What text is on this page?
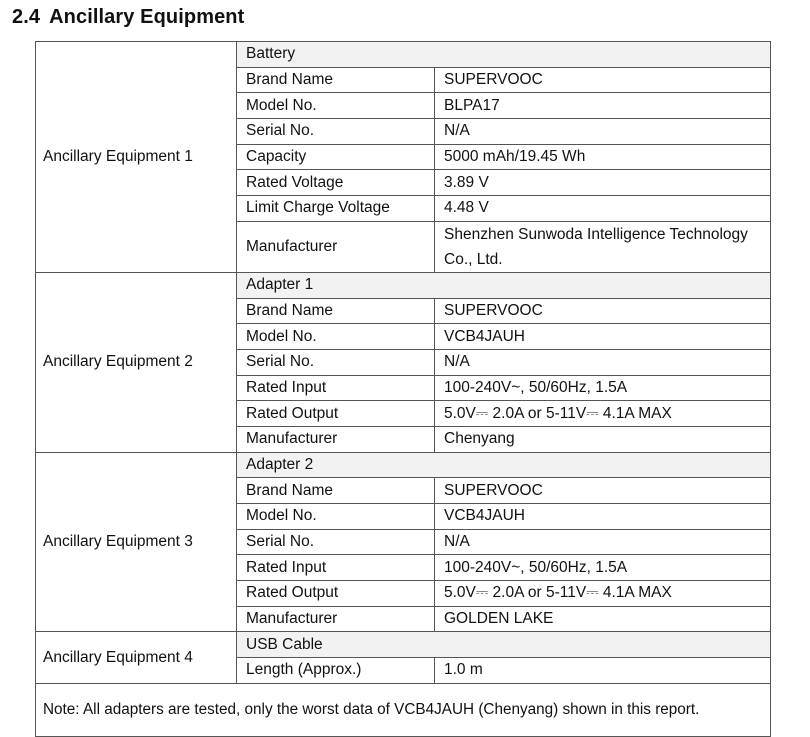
2.4 Ancillary Equipment
Ancillary Equipment 1	Battery	
	Brand Name	SUPERVOOC
	Model No.	BLPA17
	Serial No.	N/A
	Capacity	5000 mAh/19.45 Wh
	Rated Voltage	3.89 V
	Limit Charge Voltage	4.48 V
	Manufacturer	Shenzhen Sunwoda Intelligence Technology Co., Ltd.
Ancillary Equipment 2	Adapter 1	
	Brand Name	SUPERVOOC
	Model No.	VCB4JAUH
	Serial No.	N/A
	Rated Input	100-240V~, 50/60Hz, 1.5A
	Rated Output	5.0V⎓ 2.0A or 5-11V⎓ 4.1A MAX
	Manufacturer	Chenyang
Ancillary Equipment 3	Adapter 2	
	Brand Name	SUPERVOOC
	Model No.	VCB4JAUH
	Serial No.	N/A
	Rated Input	100-240V~, 50/60Hz, 1.5A
	Rated Output	5.0V⎓ 2.0A or 5-11V⎓ 4.1A MAX
	Manufacturer	GOLDEN LAKE
Ancillary Equipment 4	USB Cable	
	Length (Approx.)	1.0 m
Note: All adapters are tested, only the worst data of VCB4JAUH (Chenyang) shown in this report.		
